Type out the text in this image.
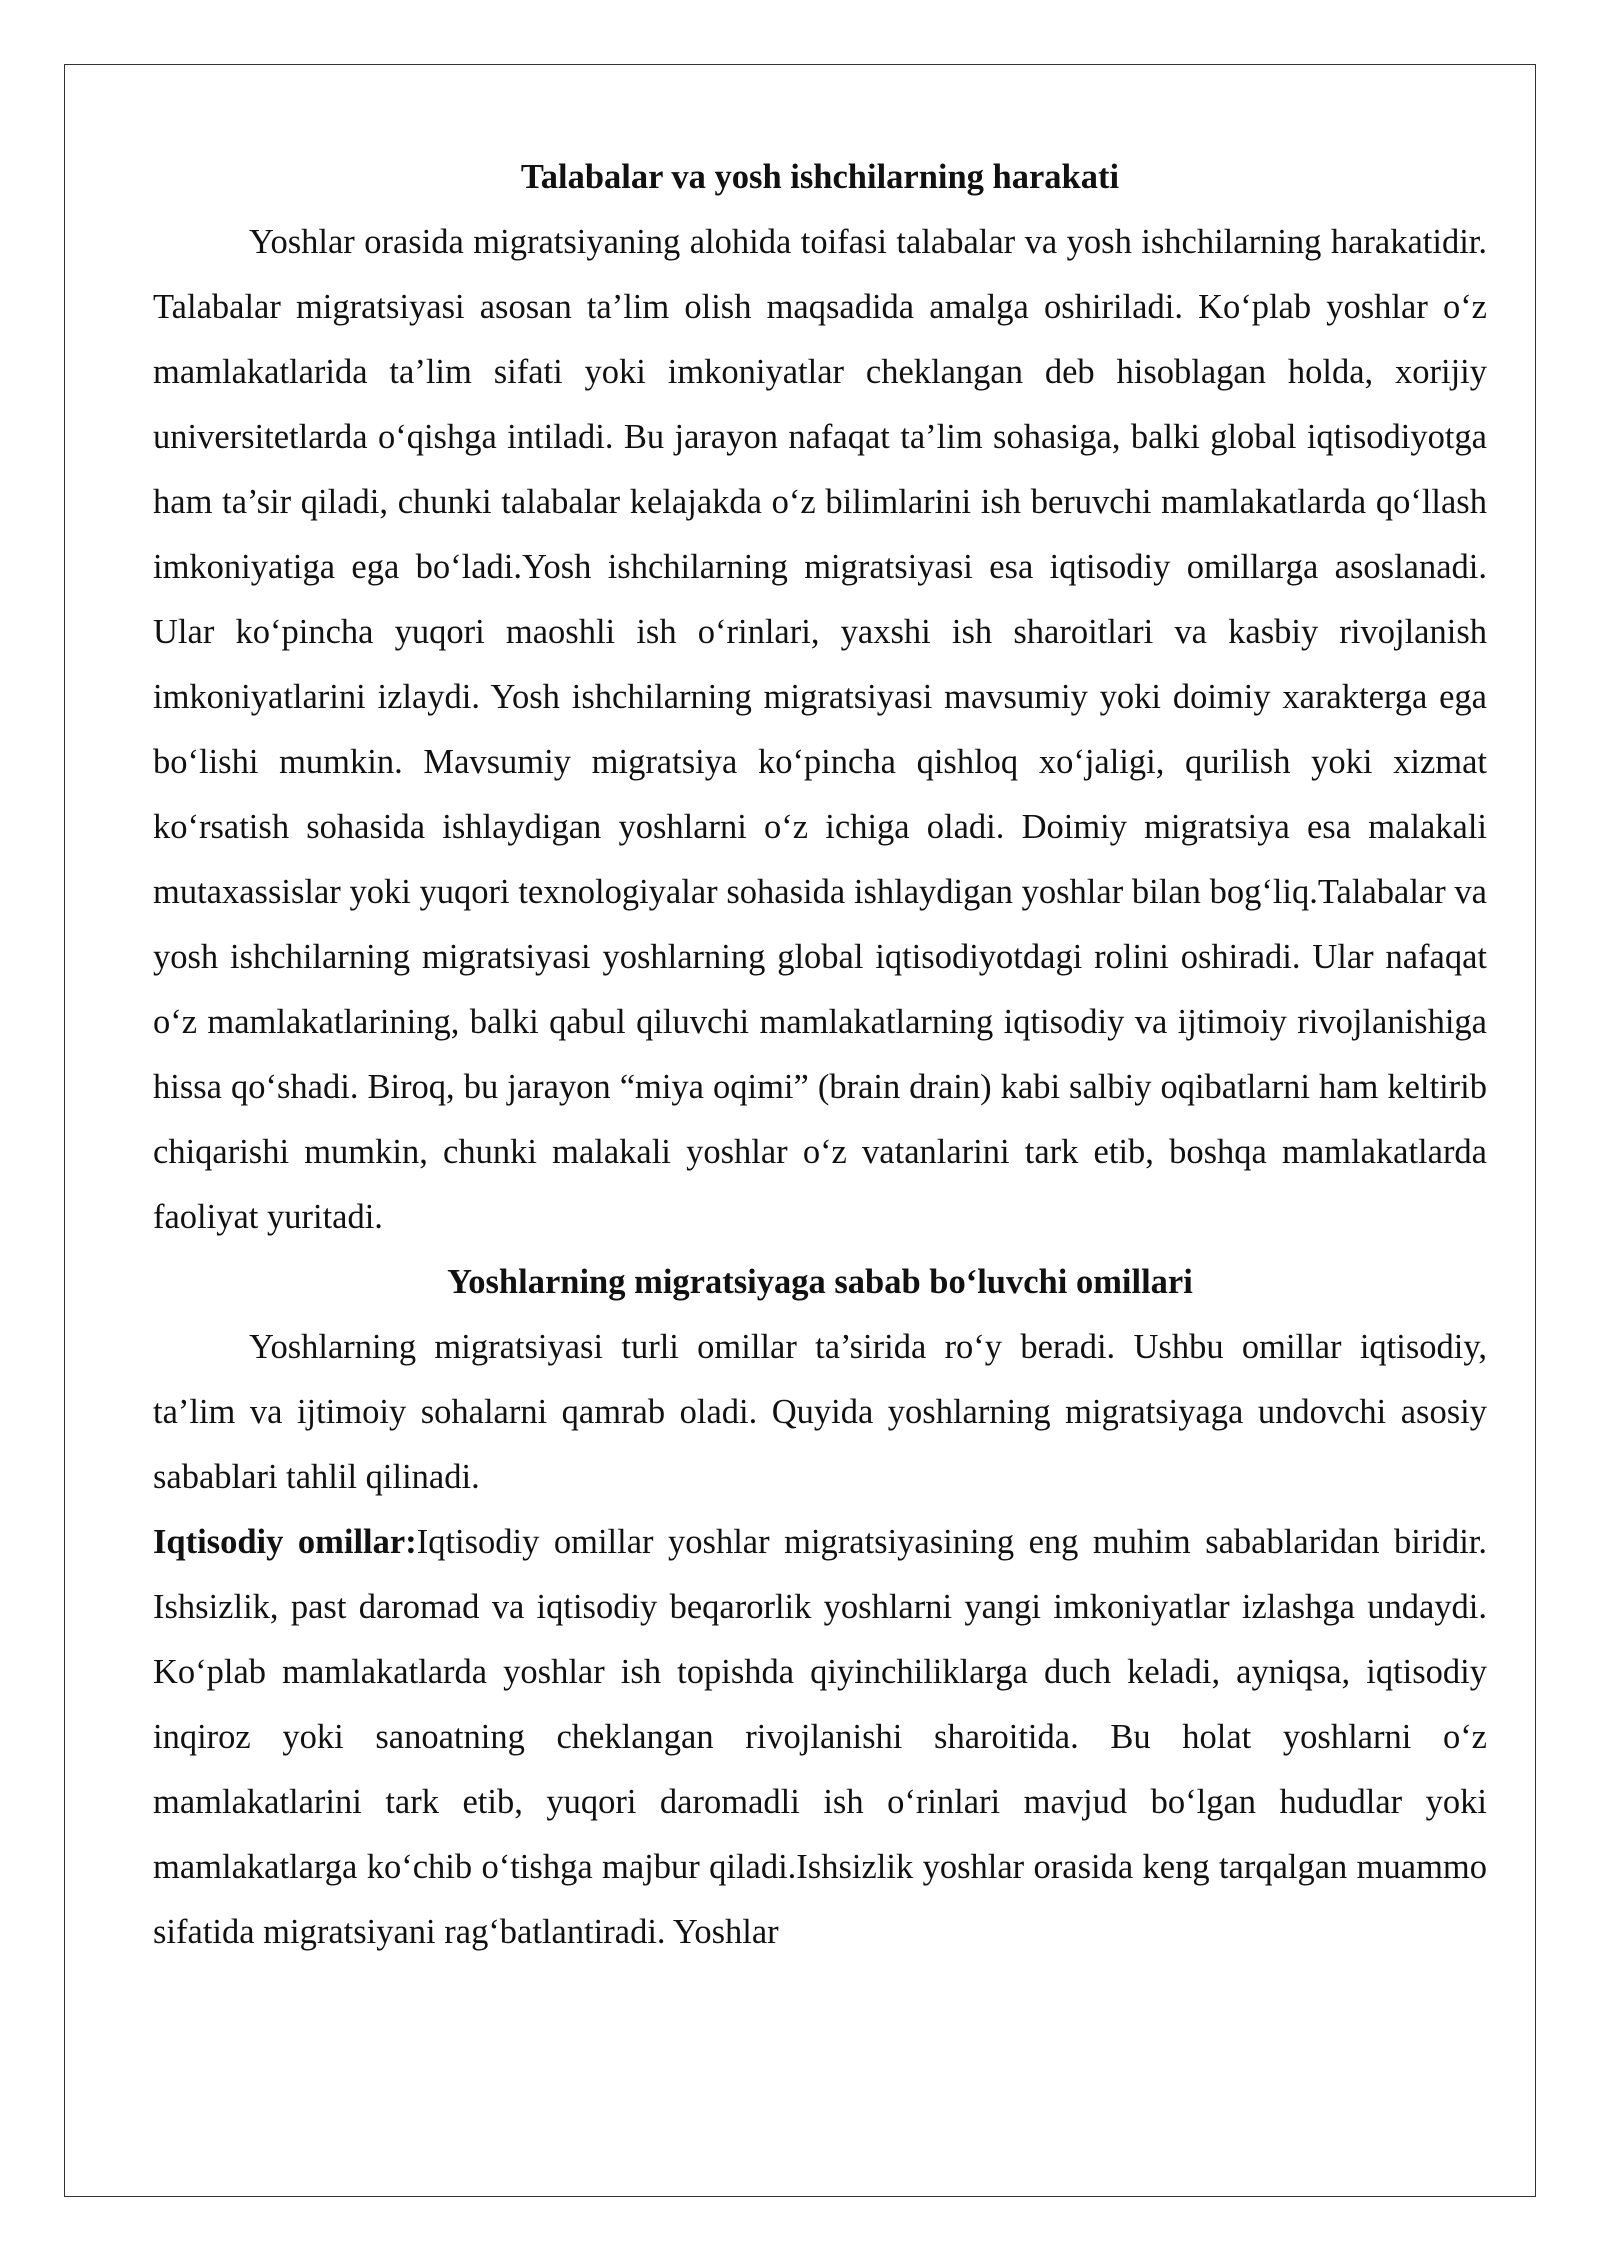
Talabalar va yosh ishchilarning harakati

Yoshlar orasida migratsiyaning alohida toifasi talabalar va yosh ishchilarning harakatidir. Talabalar migratsiyasi asosan ta’lim olish maqsadida amalga oshiriladi. Koʻplab yoshlar oʻz mamlakatlarida ta’lim sifati yoki imkoniyatlar cheklangan deb hisoblagan holda, xorijiy universitetlarda oʻqishga intiladi. Bu jarayon nafaqat ta’lim sohasiga, balki global iqtisodiyotga ham ta’sir qiladi, chunki talabalar kelajakda oʻz bilimlarini ish beruvchi mamlakatlarda qoʻllash imkoniyatiga ega boʻladi.Yosh ishchilarning migratsiyasi esa iqtisodiy omillarga asoslanadi. Ular koʻpincha yuqori maoshli ish oʻrinlari, yaxshi ish sharoitlari va kasbiy rivojlanish imkoniyatlarini izlaydi. Yosh ishchilarning migratsiyasi mavsumiy yoki doimiy xarakterga ega boʻlishi mumkin. Mavsumiy migratsiya koʻpincha qishloq xoʻjaligi, qurilish yoki xizmat koʻrsatish sohasida ishlaydigan yoshlarni oʻz ichiga oladi. Doimiy migratsiya esa malakali mutaxassislar yoki yuqori texnologiyalar sohasida ishlaydigan yoshlar bilan bogʻliq.Talabalar va yosh ishchilarning migratsiyasi yoshlarning global iqtisodiyotdagi rolini oshiradi. Ular nafaqat oʻz mamlakatlarining, balki qabul qiluvchi mamlakatlarning iqtisodiy va ijtimoiy rivojlanishiga hissa qoʻshadi. Biroq, bu jarayon “miya oqimi” (brain drain) kabi salbiy oqibatlarni ham keltirib chiqarishi mumkin, chunki malakali yoshlar oʻz vatanlarini tark etib, boshqa mamlakatlarda faoliyat yuritadi.

Yoshlarning migratsiyaga sabab boʻluvchi omillari

Yoshlarning migratsiyasi turli omillar ta’sirida roʻy beradi. Ushbu omillar iqtisodiy, ta’lim va ijtimoiy sohalarni qamrab oladi. Quyida yoshlarning migratsiyaga undovchi asosiy sabablari tahlil qilinadi.

Iqtisodiy omillar:Iqtisodiy omillar yoshlar migratsiyasining eng muhim sabablaridan biridir. Ishsizlik, past daromad va iqtisodiy beqarorlik yoshlarni yangi imkoniyatlar izlashga undaydi. Koʻplab mamlakatlarda yoshlar ish topishda qiyinchiliklarga duch keladi, ayniqsa, iqtisodiy inqiroz yoki sanoatning cheklangan rivojlanishi sharoitida. Bu holat yoshlarni oʻz mamlakatlarini tark etib, yuqori daromadli ish oʻrinlari mavjud boʻlgan hududlar yoki mamlakatlarga koʻchib oʻtishga majbur qiladi.Ishsizlik yoshlar orasida keng tarqalgan muammo sifatida migratsiyani ragʻbatlantiradi. Yoshlar
